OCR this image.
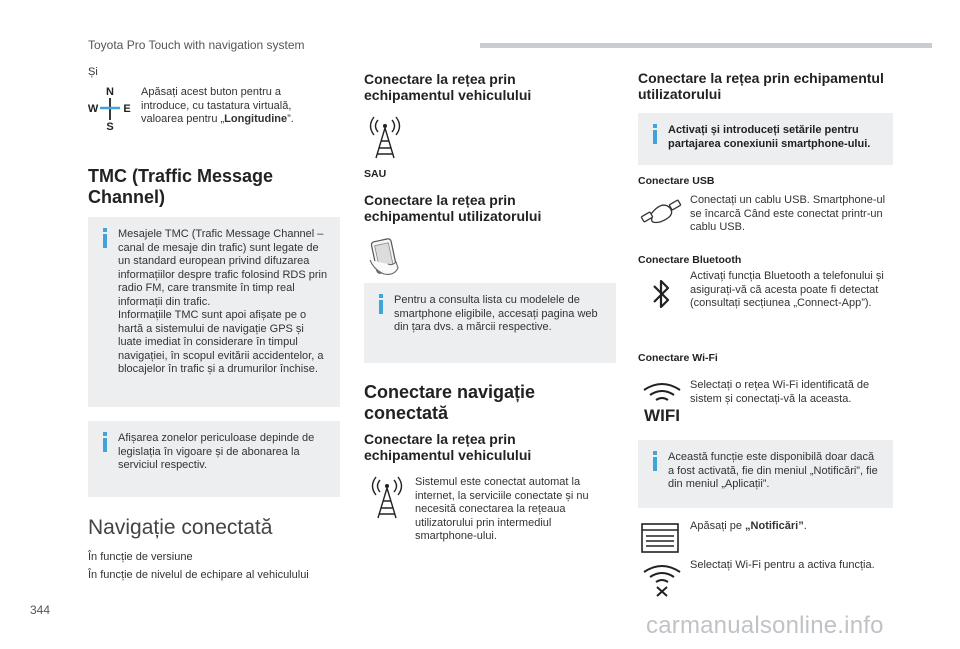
Toyota Pro Touch with navigation system
Și
N
W E
S
Apăsați acest buton pentru a introduce, cu tastatura virtuală, valoarea pentru „Longitudine”.
TMC (Traffic Message Channel)
Mesajele TMC (Trafic Message Channel – canal de mesaje din trafic) sunt legate de un standard european privind difuzarea informațiilor despre trafic folosind RDS prin radio FM, care transmite în timp real informații din trafic.
Informațiile TMC sunt apoi afișate pe o hartă a sistemului de navigație GPS și luate imediat în considerare în timpul navigației, în scopul evitării accidentelor, a blocajelor în trafic și a drumurilor închise.
Afișarea zonelor periculoase depinde de legislația în vigoare și de abonarea la serviciul respectiv.
Navigație conectată
În funcție de versiune
În funcție de nivelul de echipare al vehiculului
Conectare la rețea prin echipamentul vehiculului
SAU
Conectare la rețea prin echipamentul utilizatorului
Pentru a consulta lista cu modelele de smartphone eligibile, accesați pagina web din țara dvs. a mărcii respective.
Conectare navigație conectată
Conectare la rețea prin echipamentul vehiculului
Sistemul este conectat automat la internet, la serviciile conectate și nu necesită conectarea la rețeaua utilizatorului prin intermediul smartphone-ului.
Conectare la rețea prin echipamentul utilizatorului
Activați și introduceți setările pentru partajarea conexiunii smartphone-ului.
Conectare USB
Conectați un cablu USB. Smartphone-ul se încarcă Când este conectat printr-un cablu USB.
Conectare Bluetooth
Activați funcția Bluetooth a telefonului și asigurați-vă că acesta poate fi detectat (consultați secțiunea „Connect-App”).
Conectare Wi-Fi
WIFI
Selectați o rețea Wi-Fi identificată de sistem și conectați-vă la aceasta.
Această funcție este disponibilă doar dacă a fost activată, fie din meniul „Notificări”, fie din meniul „Aplicații”.
Apăsați pe „Notificări”.
Selectați Wi-Fi pentru a activa funcția.
344
carmanualsonline.info
